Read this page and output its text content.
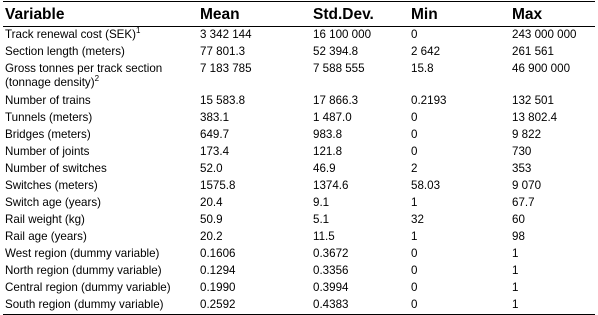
Variable	Mean	Std.Dev.	Min	Max
Track renewal cost (SEK)$^1$	3 342 144	16 100 000	0	243 000 000
Section length (meters)	77 801.3	52 394.8	2 642	261 561
Gross tonnes per track section (tonnage density)$^2$	7 183 785	7 588 555	15.8	46 900 000
Number of trains	15 583.8	17 866.3	0.2193	132 501
Tunnels (meters)	383.1	1 487.0	0	13 802.4
Bridges (meters)	649.7	983.8	0	9 822
Number of joints	173.4	121.8	0	730
Number of switches	52.0	46.9	2	353
Switches (meters)	1575.8	1374.6	58.03	9 070
Switch age (years)	20.4	9.1	1	67.7
Rail weight (kg)	50.9	5.1	32	60
Rail age (years)	20.2	11.5	1	98
West region (dummy variable)	0.1606	0.3672	0	1
North region (dummy variable)	0.1294	0.3356	0	1
Central region (dummy variable)	0.1990	0.3994	0	1
South region (dummy variable)	0.2592	0.4383	0	1
